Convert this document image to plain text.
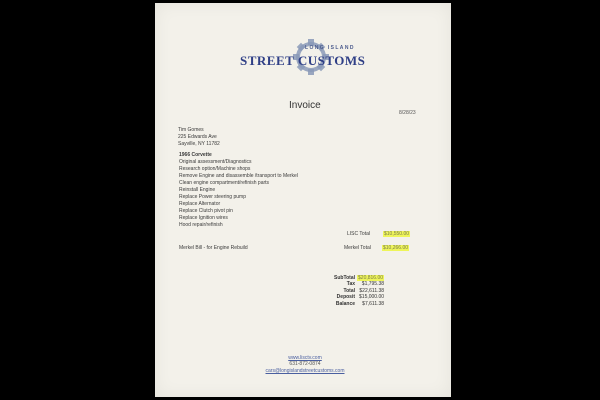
LONG ISLAND
STREET CUSTOMS
Invoice
8/28/23
Tim Gomes
225 Edwards Ave
Sayville, NY 11782
1966 Corvette
Original assessment/Diagnostics
Research option/Machine shops
Remove Engine and disassemble /transport to Merkel
Clean engine compartment/refinish parts
Reinstall Engine
Replace Power steering pump
Replace Alternator
Replace Clutch pivot pin
Replace Ignition wires
Hood repair/refinish
LISC Total	$10,550.00
Merkel Bill - for Engine Rebuild	Merkel Total $10,266.00
SubTotal	$20,816.00
Tax	$1,795.38
Total	$22,611.38
Deposit	$15,000.00
Balance	$7,611.38
www.lisctv.com
631-872-0874
cars@longislandstreetcustoms.com
